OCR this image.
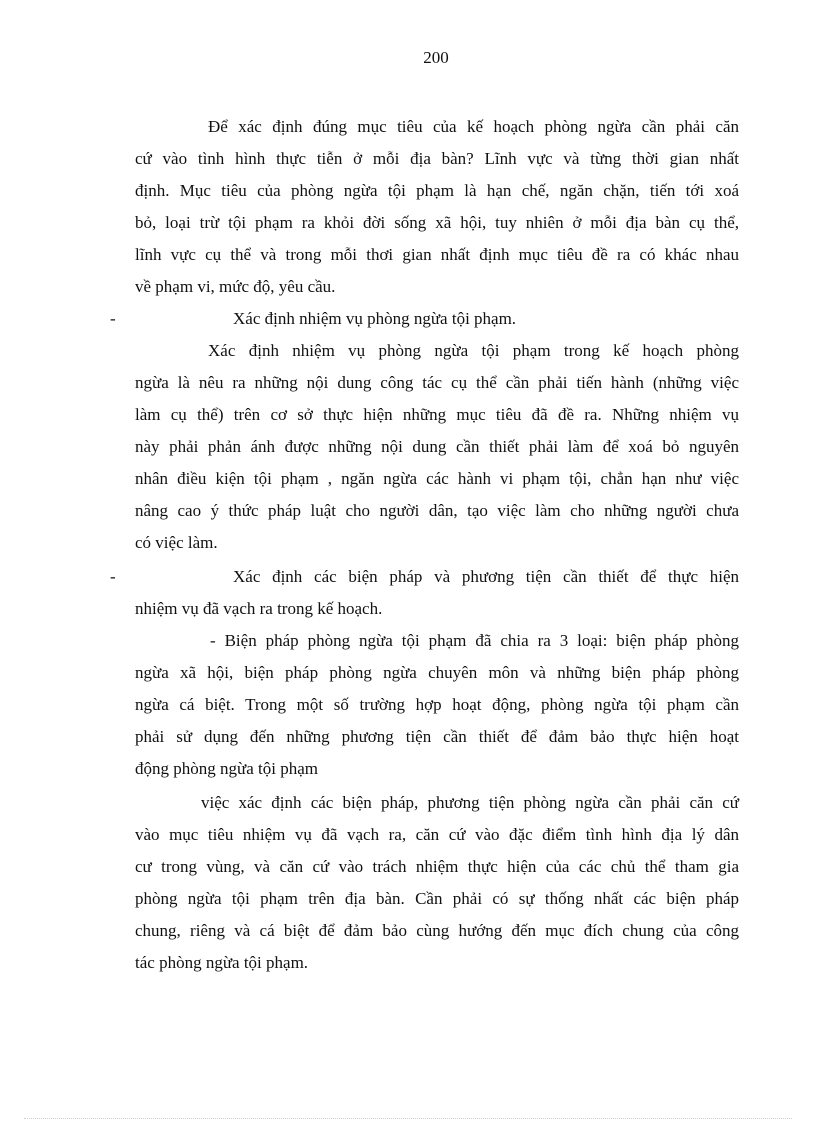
200
Để xác định đúng mục tiêu của kế hoạch phòng ngừa cần phải căn
cứ vào tình hình thực tiễn ở mỗi địa bàn? Lĩnh vực và từng thời gian nhất
định. Mục tiêu của phòng ngừa tội phạm là hạn chế, ngăn chặn, tiến tới xoá
bỏ, loại trừ tội phạm ra khỏi đời sống xã hội, tuy nhiên ở mỗi địa bàn cụ thể,
lĩnh vực cụ thể và trong mỗi thơi gian nhất định mục tiêu đề ra có khác nhau
về phạm vi, mức độ, yêu cầu.
-	Xác định nhiệm vụ phòng ngừa tội phạm.
Xác định nhiệm vụ phòng ngừa tội phạm trong kế hoạch phòng
ngừa là nêu ra những nội dung công tác cụ thể cần phải tiến hành (những việc
làm cụ thể) trên cơ sở thực hiện những mục tiêu đã đề ra. Những nhiệm vụ
này phải phản ánh được những nội dung cần thiết phải làm để xoá bỏ nguyên
nhân điều kiện tội phạm , ngăn ngừa các hành vi phạm tội, chẳn hạn như việc
nâng cao ý thức pháp luật cho người dân, tạo việc làm cho những người chưa
có việc làm.
-	Xác định các biện pháp và phương tiện cần thiết để thực hiện
nhiệm vụ đã vạch ra trong kế hoạch.
- Biện pháp phòng ngừa tội phạm đã chia ra 3 loại: biện pháp phòng
ngừa xã hội, biện pháp phòng ngừa chuyên môn và những biện pháp phòng
ngừa cá biệt. Trong một số trường hợp hoạt động, phòng ngừa tội phạm cần
phải sử dụng đến những phương tiện cần thiết để đảm bảo thực hiện hoạt
động phòng ngừa tội phạm
việc xác định các biện pháp, phương tiện phòng ngừa cần phải căn cứ
vào mục tiêu nhiệm vụ đã vạch ra, căn cứ vào đặc điểm tình hình địa lý dân
cư trong vùng, và căn cứ vào trách nhiệm thực hiện của các chủ thể tham gia
phòng ngừa tội phạm trên địa bàn. Cần phải có sự thống nhất các biện pháp
chung, riêng và cá biệt để đảm bảo cùng hướng đến mục đích chung của công
tác phòng ngừa tội phạm.
